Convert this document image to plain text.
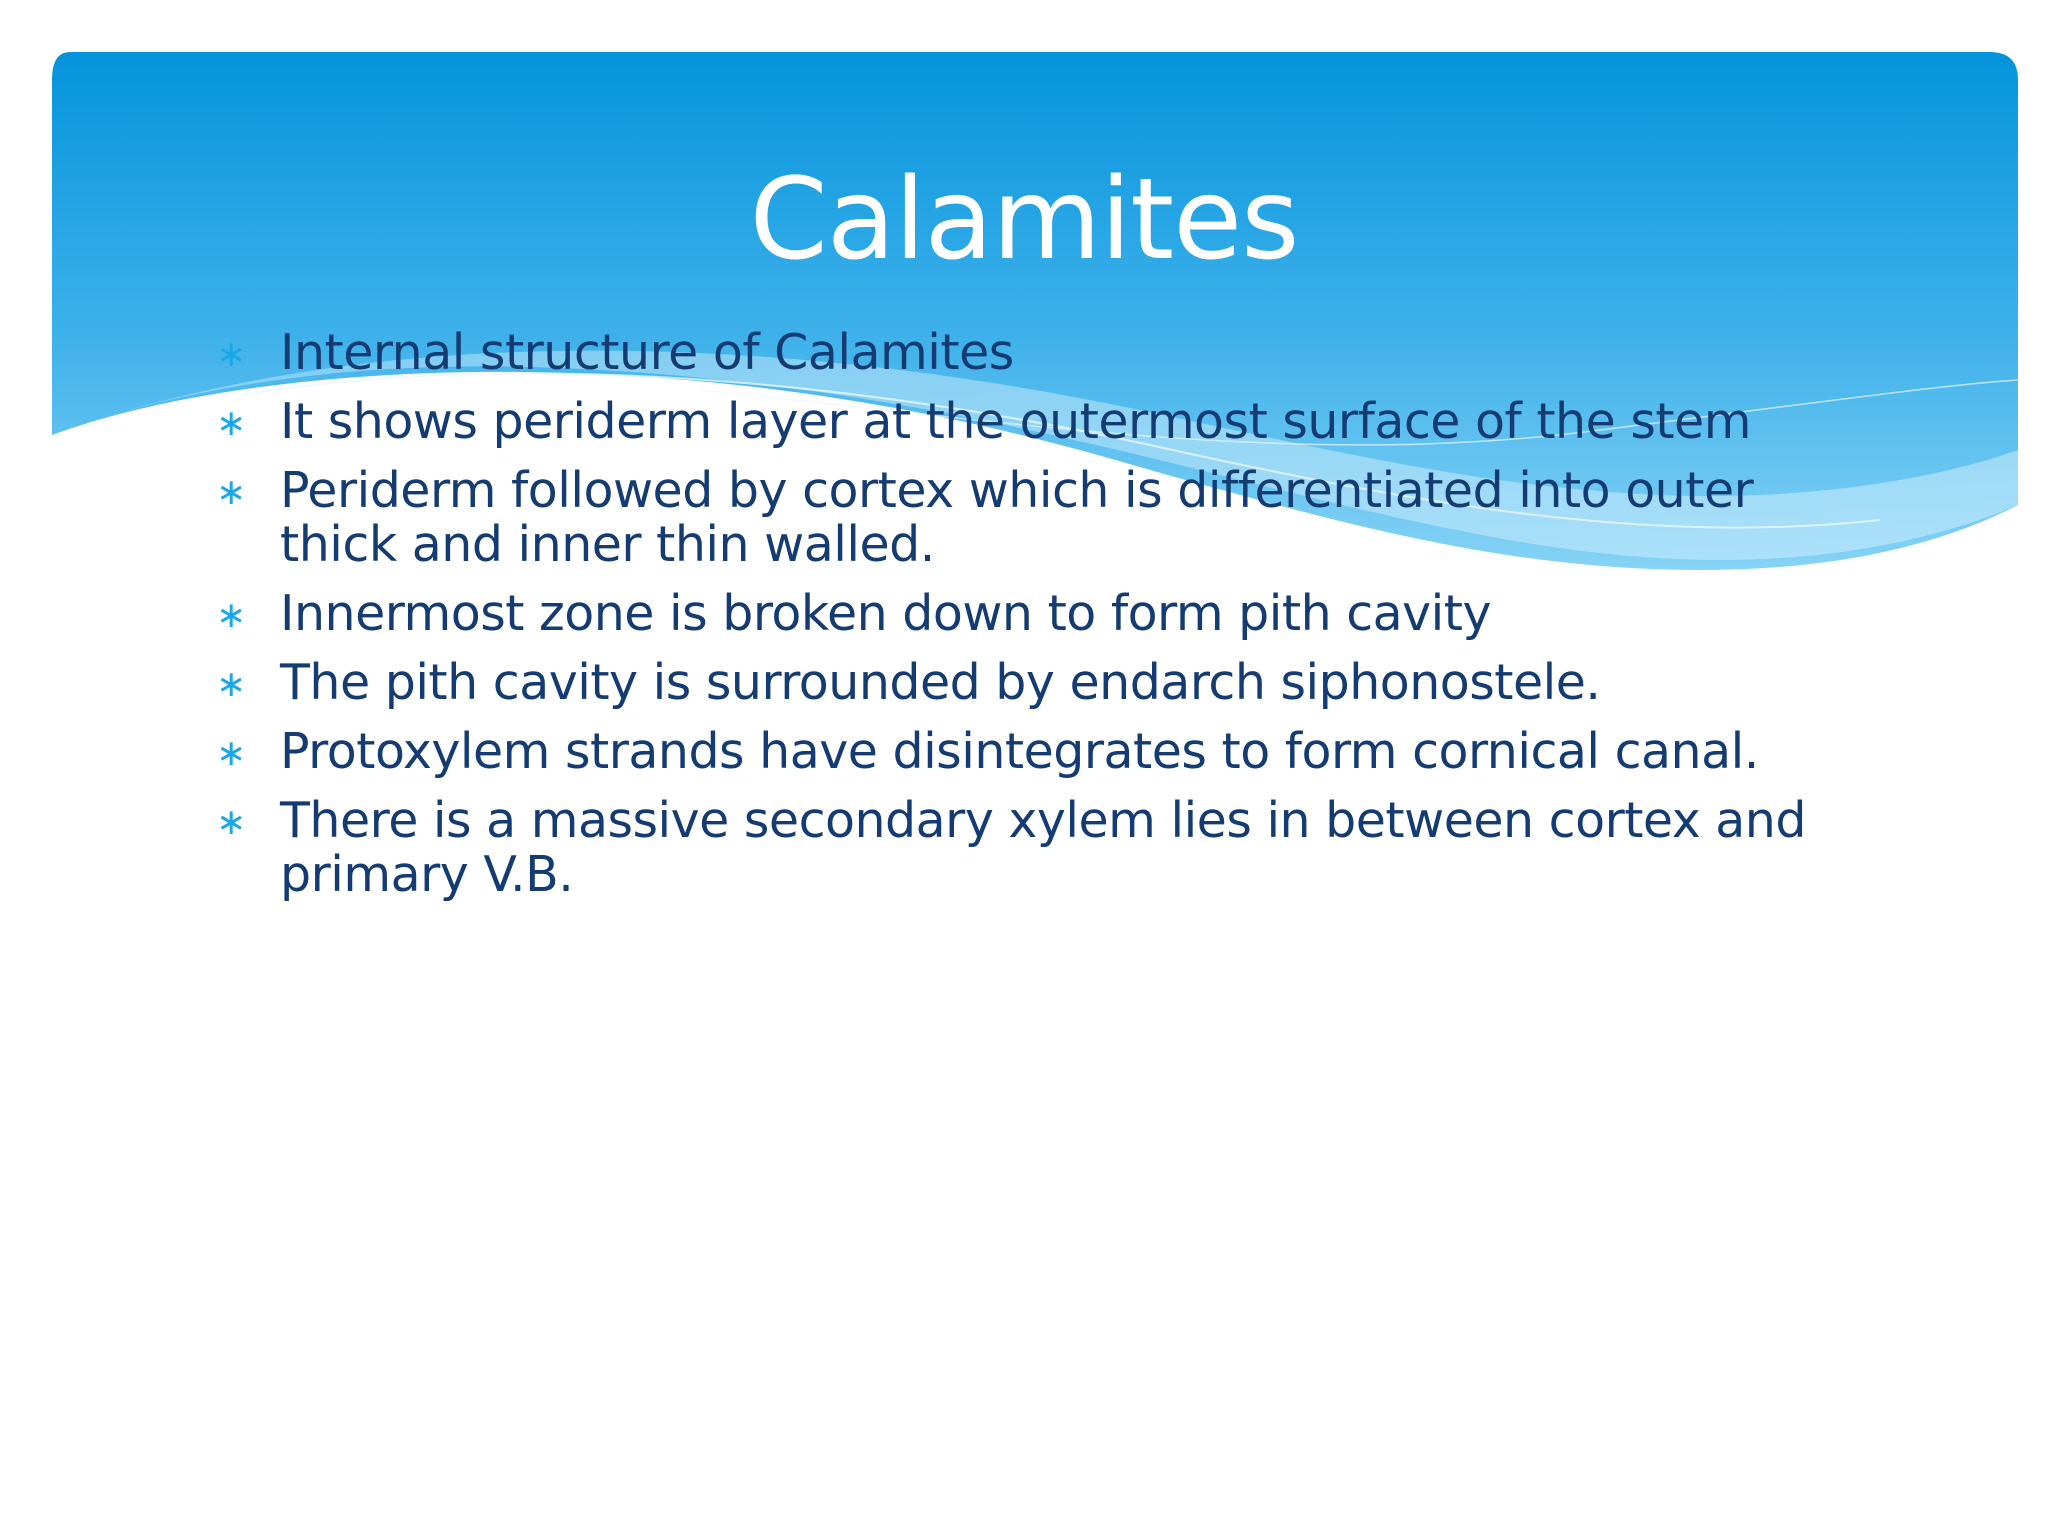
Calamites
∗ Internal structure of Calamites
∗ It shows periderm layer at the outermost surface of the stem
∗ Periderm followed by cortex which is differentiated into outer thick and inner thin walled.
∗ Innermost zone is broken down to form pith cavity
∗ The pith cavity is surrounded by endarch siphonostele.
∗ Protoxylem strands have disintegrates to form cornical canal.
∗ There is a massive secondary xylem lies in between cortex and primary V.B.
